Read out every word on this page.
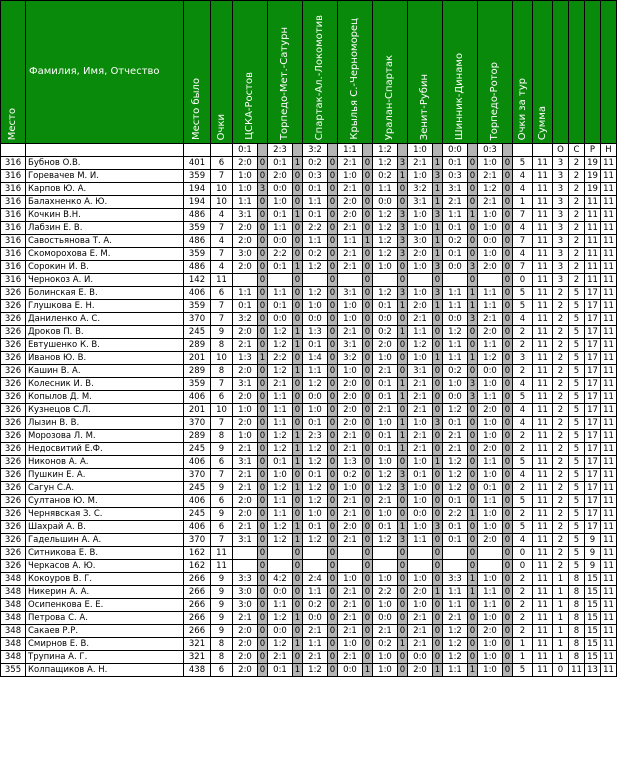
Место	Фамилия, Имя, Отчество	Место было	Очки	ЦСКА-Ростов		Торпедо-Мет.-Сатурн		Спартак-Ал.-Локомотив		Крылья С.-Черноморец		Уралан-Спартак		Зенит-Рубин		Шинник-Динамо		Торпедо-Ротор		Очки за тур	Сумма				

				0:1		2:3		3:2		1:1		1:2		1:0		0:0		0:3				О	С	Р	Н
316	Бубнов О.В.	401	6	2:0	0	0:1	1	0:2	0	2:1	0	1:2	3	2:1	1	0:1	0	1:0	0	5	11	3	2	19	11
316	Горевачев М. И.	359	7	1:0	0	2:0	0	0:3	0	1:0	0	0:2	1	1:0	3	0:3	0	2:1	0	4	11	3	2	19	11
316	Карпов Ю. А.	194	10	1:0	3	0:0	0	0:1	0	2:1	0	1:1	0	3:2	1	3:1	0	1:2	0	4	11	3	2	19	11
316	Балахненко А. Ю.	194	10	1:1	0	1:0	0	1:1	0	2:0	0	0:0	0	3:1	1	2:1	0	2:1	0	1	11	3	2	11	11
316	Кочкин В.Н.	486	4	3:1	0	0:1	1	0:1	0	2:0	0	1:2	3	1:0	3	1:1	1	1:0	0	7	11	3	2	11	11
316	Лабзин Е. В.	359	7	2:0	0	1:1	0	2:2	0	2:1	0	1:2	3	1:0	1	0:1	0	1:0	0	4	11	3	2	11	11
316	Савостьянова Т. А.	486	4	2:0	0	0:0	0	1:1	0	1:1	1	1:2	3	3:0	1	0:2	0	0:0	0	7	11	3	2	11	11
316	Скоморохова Е. М.	359	7	3:0	0	2:2	0	0:2	0	2:1	0	1:2	3	2:0	1	0:1	0	1:0	0	4	11	3	2	11	11
316	Сорокин И. В.	486	4	2:0	0	0:1	1	1:2	0	2:1	0	1:0	0	1:0	3	0:0	3	2:0	0	7	11	3	2	11	11
316	Чернокоз А. И.	142	11		0		0		0		0		0		0		0		0	0	11	3	2	11	11
326	Болинская Е. В.	406	6	1:1	0	1:1	0	1:2	0	3:1	0	1:2	3	1:0	3	1:1	1	1:1	0	5	11	2	5	17	11
326	Глушкова Е. Н.	359	7	0:1	0	0:1	0	1:0	0	1:0	0	0:1	1	2:0	1	1:1	1	1:1	0	5	11	2	5	17	11
326	Даниленко А. С.	370	7	3:2	0	0:0	0	0:0	0	1:0	0	0:0	0	2:1	0	0:0	3	2:1	0	4	11	2	5	17	11
326	Дроков П. В.	245	9	2:0	0	1:2	1	1:3	0	2:1	0	0:2	1	1:1	0	1:2	0	2:0	0	2	11	2	5	17	11
326	Евтушенко К. В.	289	8	2:1	0	1:2	1	0:1	0	3:1	0	2:0	0	1:2	0	1:1	0	1:1	0	2	11	2	5	17	11
326	Иванов Ю. В.	201	10	1:3	1	2:2	0	1:4	0	3:2	0	1:0	0	1:0	1	1:1	1	1:2	0	3	11	2	5	17	11
326	Кашин В. А.	289	8	2:0	0	1:2	1	1:1	0	1:0	0	2:1	0	3:1	0	0:2	0	0:0	0	2	11	2	5	17	11
326	Колесник И. В.	359	7	3:1	0	2:1	0	1:2	0	2:0	0	0:1	1	2:1	0	1:0	3	1:0	0	4	11	2	5	17	11
326	Копылов Д. М.	406	6	2:0	0	1:1	0	0:0	0	2:0	0	0:1	1	2:1	0	0:0	3	1:1	0	5	11	2	5	17	11
326	Кузнецов С.Л.	201	10	1:0	0	1:1	0	1:0	0	2:0	0	2:1	0	2:1	0	1:2	0	2:0	0	4	11	2	5	17	11
326	Лызин В. В.	370	7	2:0	0	1:1	0	0:1	0	2:0	0	1:0	1	1:0	3	0:1	0	1:0	0	4	11	2	5	17	11
326	Морозова Л. М.	289	8	1:0	0	1:2	1	2:3	0	2:1	0	0:1	1	2:1	0	2:1	0	1:0	0	2	11	2	5	17	11
326	Недосвитий Е.Ф.	245	9	2:1	0	1:2	1	1:2	0	2:1	0	0:1	1	2:1	0	2:1	0	2:0	0	2	11	2	5	17	11
326	Никонов А. А.	406	6	3:1	0	0:1	1	1:2	0	1:3	0	1:0	0	1:0	1	1:2	0	1:1	0	5	11	2	5	17	11
326	Пушкин Е. А.	370	7	2:1	0	1:0	0	0:1	0	0:2	0	1:2	3	0:1	0	1:2	0	1:0	0	4	11	2	5	17	11
326	Сагун С.А.	245	9	2:1	0	1:2	1	1:2	0	1:0	0	1:2	3	1:0	0	1:2	0	0:1	0	2	11	2	5	17	11
326	Султанов Ю. М.	406	6	2:0	0	1:1	0	1:2	0	2:1	0	2:1	0	1:0	0	0:1	0	1:1	0	5	11	2	5	17	11
326	Чернявская З. С.	245	9	2:0	0	1:1	0	1:0	0	2:1	0	1:0	0	0:0	0	2:2	1	1:0	0	2	11	2	5	17	11
326	Шахрай А. В.	406	6	2:1	0	1:2	1	0:1	0	2:0	0	0:1	1	1:0	3	0:1	0	1:0	0	5	11	2	5	17	11
326	Гадельшин А. А.	370	7	3:1	0	1:2	1	1:2	0	2:1	0	1:2	3	1:1	0	0:1	0	2:0	0	4	11	2	5	9	11
326	Ситникова Е. В.	162	11		0		0		0		0		0		0		0		0	0	11	2	5	9	11
326	Черкасов А. Ю.	162	11		0		0		0		0		0		0		0		0	0	11	2	5	9	11
348	Кокоуров В. Г.	266	9	3:3	0	4:2	0	2:4	0	1:0	0	1:0	0	1:0	0	3:3	1	1:0	0	2	11	1	8	15	11
348	Никерин А. А.	266	9	3:0	0	0:0	0	1:1	0	2:1	0	2:2	0	2:0	1	1:1	1	1:1	0	2	11	1	8	15	11
348	Осипенкова Е. Е.	266	9	3:0	0	1:1	0	0:2	0	2:1	0	1:0	0	1:0	0	1:1	0	1:1	0	2	11	1	8	15	11
348	Петрова С. А.	266	9	2:1	0	1:2	1	0:0	0	2:1	0	0:0	0	2:1	0	2:1	0	1:0	0	2	11	1	8	15	11
348	Сакаев Р.Р.	266	9	2:0	0	0:0	0	2:1	0	2:1	0	2:1	0	2:1	0	1:2	0	2:0	0	2	11	1	8	15	11
348	Смирнов Е. В.	321	8	2:0	0	1:2	1	1:1	0	1:0	0	0:2	1	2:1	0	1:2	0	1:0	0	1	11	1	8	15	11
348	Трупина А. Г.	321	8	2:0	0	2:1	0	2:1	0	2:1	0	1:0	0	0:0	0	1:2	0	1:0	0	1	11	1	8	15	11
355	Колпащиков А. Н.	438	6	2:0	0	0:1	1	1:2	0	0:0	1	1:0	0	2:0	1	1:1	1	1:0	0	5	11	0	11	13	11
